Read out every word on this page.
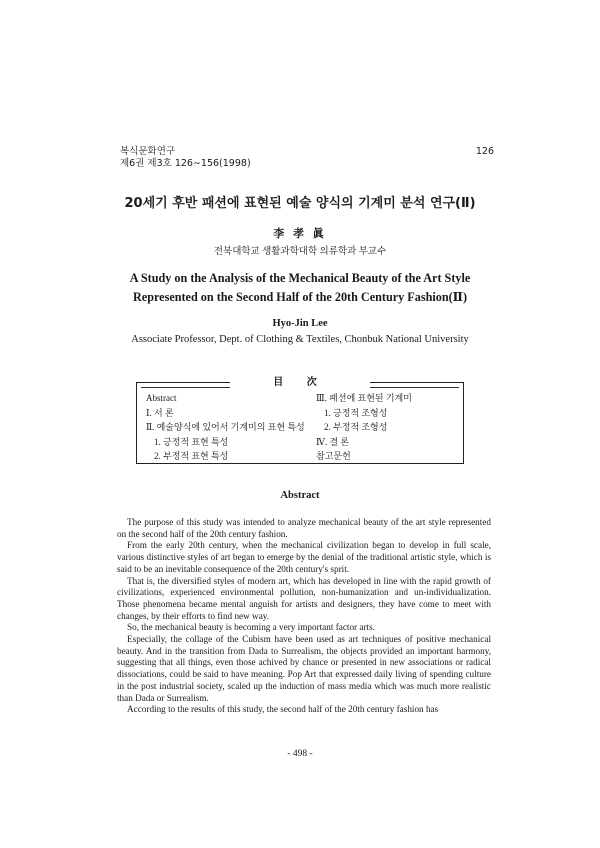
복식문화연구
제6권 제3호 126∼156(1998)
126
20세기 후반 패션에 표현된 예술 양식의 기계미 분석 연구(Ⅱ)
李 孝 眞
전북대학교 생활과학대학 의류학과 부교수
A Study on the Analysis of the Mechanical Beauty of the Art Style
Represented on the Second Half of the 20th Century Fashion(Ⅱ)
Hyo-Jin Lee
Associate Professor, Dept. of Clothing & Textiles, Chonbuk National University
目 次
Abstract
Ⅰ. 서 론
Ⅱ. 예술양식에 있어서 기계미의 표현 특성
1. 긍정적 표현 특성
2. 부정적 표현 특성
Ⅲ. 패션에 표현된 기계미
1. 긍정적 조형성
2. 부정적 조형성
Ⅳ. 결 론
참고문헌
Abstract

The purpose of this study was intended to analyze mechanical beauty of the art style represented on the second half of the 20th century fashion.

From the early 20th century, when the mechanical civilization began to develop in full scale, various distinctive styles of art began to emerge by the denial of the traditional artistic style, which is said to be an inevitable consequence of the 20th century's sprit.

That is, the diversified styles of modern art, which has developed in line with the rapid growth of civilizations, experienced environmental pollution, non-humanization and un-individualization. Those phenomena became mental anguish for artists and designers, they have come to meet with changes, by their efforts to find new way.

So, the mechanical beauty is becoming a very important factor arts.

Especially, the collage of the Cubism have been used as art techniques of positive mechanical beauty. And in the transition from Dada to Surrealism, the objects provided an important harmony, suggesting that all things, even those achived by chance or presented in new associations or radical dissociations, could be said to have meaning. Pop Art that expressed daily living of spending culture in the post industrial society, scaled up the induction of mass media which was much more realistic than Dada or Surrealism.

According to the results of this study, the second half of the 20th century fashion has

- 498 -
